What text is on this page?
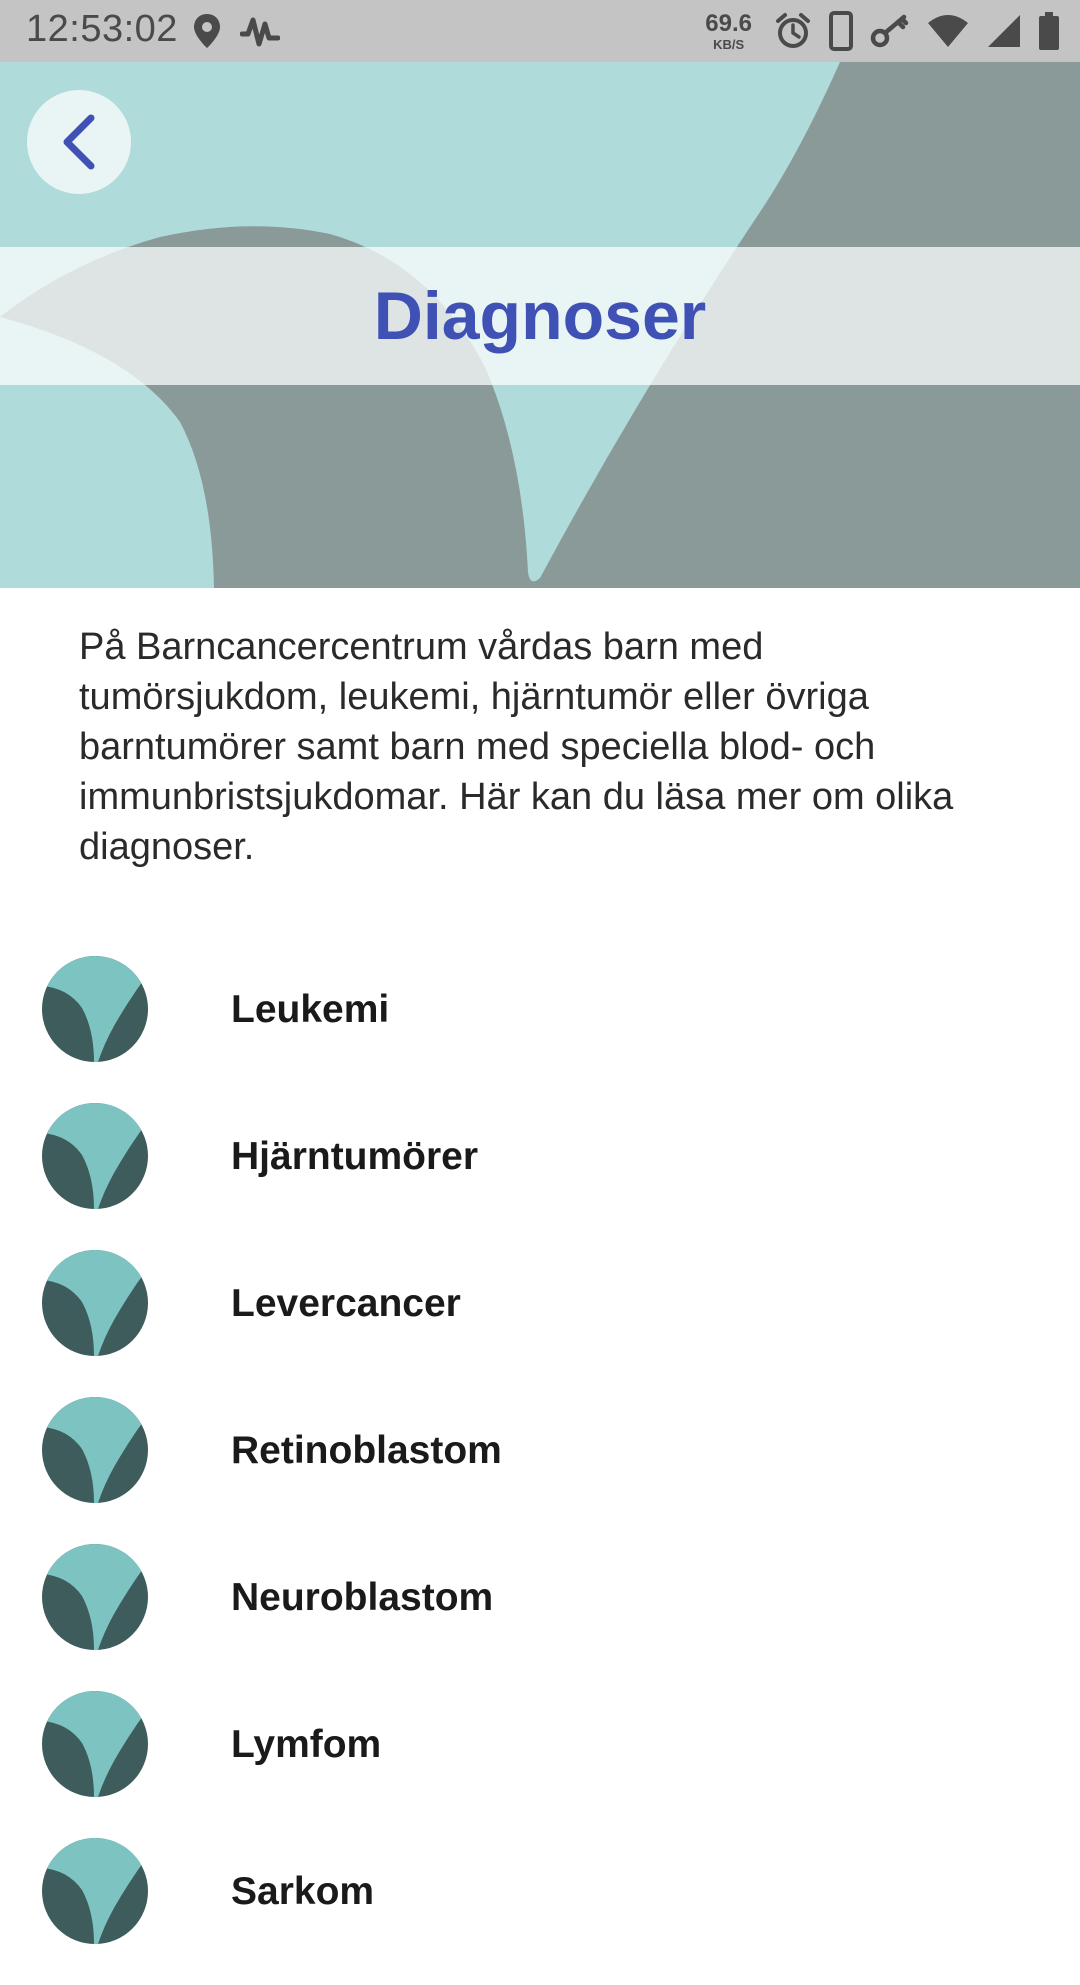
12:53:02	69.6
KB/S
Diagnoser

På Barncancercentrum vårdas barn med tumörsjukdom, leukemi, hjärntumör eller övriga barntumörer samt barn med speciella blod- och immunbristsjukdomar. Här kan du läsa mer om olika diagnoser.

Leukemi
Hjärntumörer
Levercancer
Retinoblastom
Neuroblastom
Lymfom
Sarkom
